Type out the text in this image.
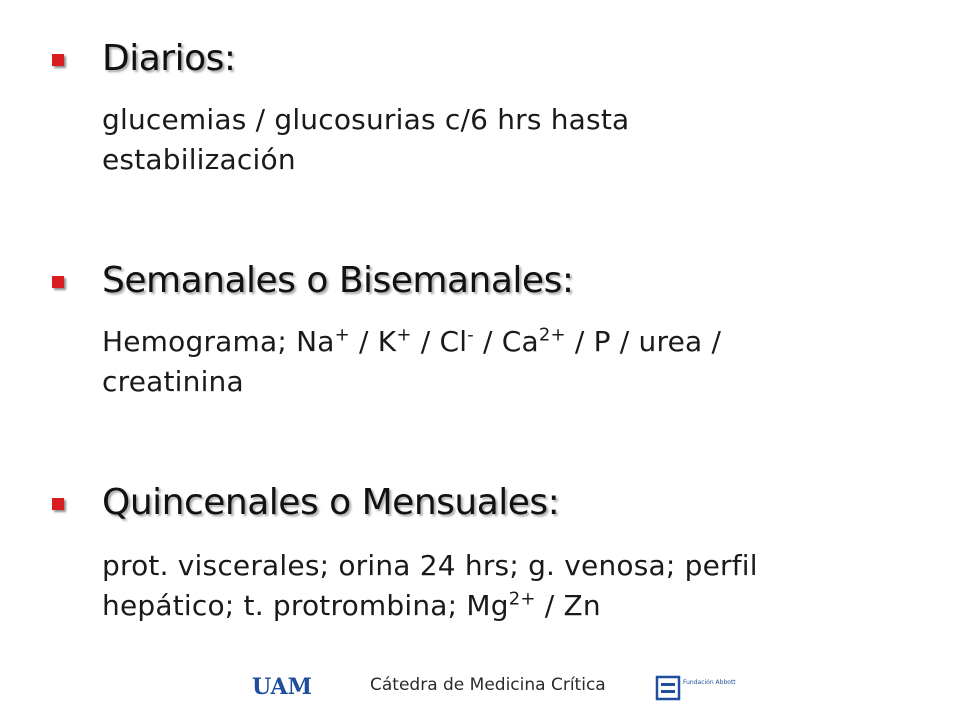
Diarios:
glucemias / glucosurias c/6 hrs hasta
estabilización
Semanales o Bisemanales:
Hemograma; $Na^+ / K^+ / Cl^- / Ca^{2+}$ / P / urea /
creatinina
Quincenales o Mensuales:
prot. viscerales; orina 24 hrs; g. venosa; perfil
hepático; t. protrombina; $Mg^{2+}$ / Zn
UAM	Cátedra de Medicina Crítica	Fundación Abbott
